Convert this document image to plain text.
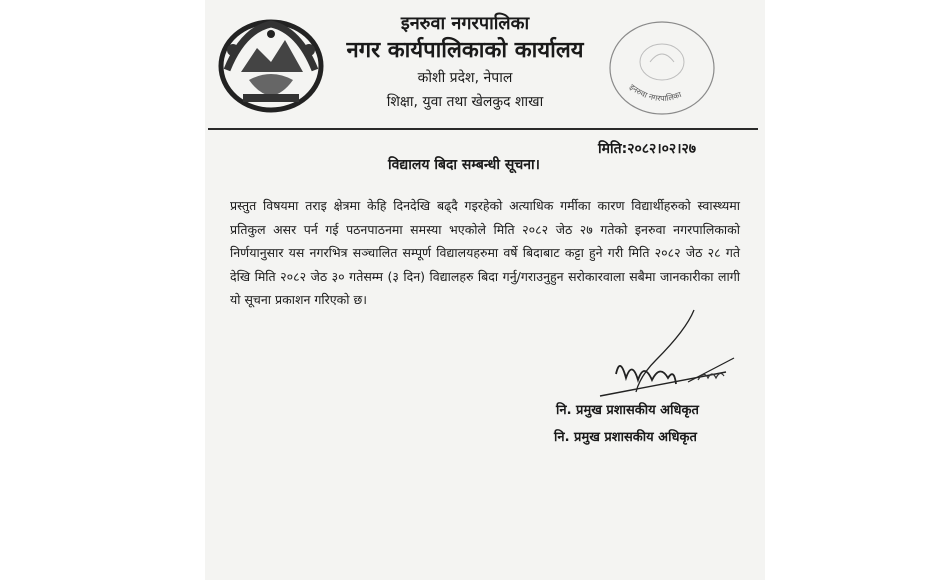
इनरुवा नगरपालिका
नगर कार्यपालिकाको कार्यालय
कोशी प्रदेश, नेपाल
शिक्षा, युवा तथा खेलकुद शाखा
इनरुवा नगरपालिका
मिति:२०८२।०२।२७
विद्यालय बिदा सम्बन्धी सूचना।
प्रस्तुत विषयमा तराइ क्षेत्रमा केहि दिनदेखि बढ्दै गइरहेको अत्याधिक गर्मीका कारण विद्यार्थीहरुको स्वास्थ्यमा प्रतिकुल असर पर्न गई पठनपाठनमा समस्या भएकोले मिति २०८२ जेठ २७ गतेको इनरुवा नगरपालिकाको निर्णयानुसार यस नगरभित्र सञ्चालित सम्पूर्ण विद्यालयहरुमा वर्षे बिदाबाट कट्टा हुने गरी मिति २०८२ जेठ २८ गते देखि मिति २०८२ जेठ ३० गतेसम्म (३ दिन) विद्यालहरु बिदा गर्नु/गराउनुहुन सरोकारवाला सबैमा जानकारीका लागी यो सूचना प्रकाशन गरिएको छ।
नि. प्रमुख प्रशासकीय अधिकृत
नि. प्रमुख प्रशासकीय अधिकृत
